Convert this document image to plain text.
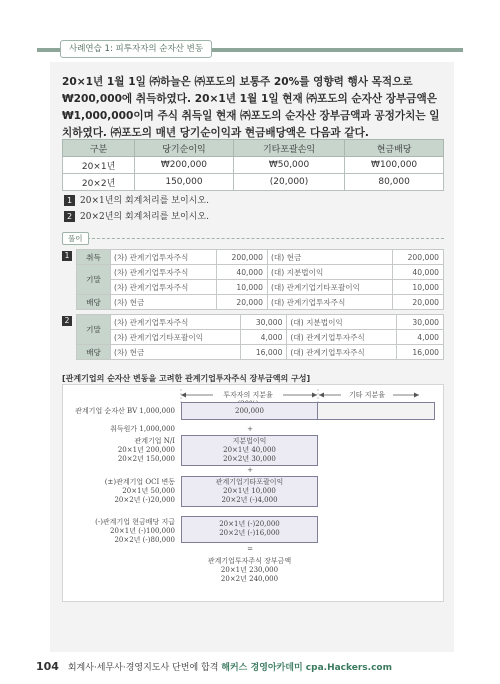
사례연습 1: 피투자자의 순자산 변동
20×1년 1월 1일 ㈜하늘은 ㈜포도의 보통주 20%를 영향력 행사 목적으로 ₩200,000에 취득하였다. 20×1년 1월 1일 현재 ㈜포도의 순자산 장부금액은 ₩1,000,000이며 주식 취득일 현재 ㈜포도의 순자산 장부금액과 공정가치는 일치하였다. ㈜포도의 매년 당기순이익과 현금배당액은 다음과 같다.
구분	당기순이익	기타포괄손익	현금배당
20×1년	₩200,000	₩50,000	₩100,000
20×2년	150,000	(20,000)	80,000
1 20×1년의 회계처리를 보이시오.
2 20×2년의 회계처리를 보이시오.
풀이
1	취득	(차) 관계기업투자주식	200,000	(대) 현금	200,000
기말	(차) 관계기업투자주식	40,000	(대) 지분법이익	40,000
	(차) 관계기업투자주식	10,000	(대) 관계기업기타포괄이익	10,000
배당	(차) 현금	20,000	(대) 관계기업투자주식	20,000
2
기말	(차) 관계기업투자주식	30,000	(대) 지분법이익	30,000
	(차) 관계기업기타포괄이익	4,000	(대) 관계기업투자주식	4,000
배당	(차) 현금	16,000	(대) 관계기업투자주식	16,000
[관계기업의 순자산 변동을 고려한 관계기업투자주식 장부금액의 구성]
투자자의 지분율	기타 지분율
관계기업 순자산 BV 1,000,000	200,000
취득원가 1,000,000	+
관계기업 N/I
20×1년 200,000
20×2년 150,000
지분법이익
20×1년 40,000
20×2년 30,000
+
(±)관계기업 OCI 변동
20×1년 50,000
20×2년 (-)20,000
관계기업기타포괄이익
20×1년 10,000
20×2년 (-)4,000
(-)관계기업 현금배당 지급
20×1년 (-)100,000
20×2년 (-)80,000
20×1년 (-)20,000
20×2년 (-)16,000
=
관계기업투자주식 장부금액
20×1년 230,000
20×2년 240,000
104 회계사·세무사·경영지도사 단번에 합격 해커스 경영아카데미 cpa.Hackers.com
